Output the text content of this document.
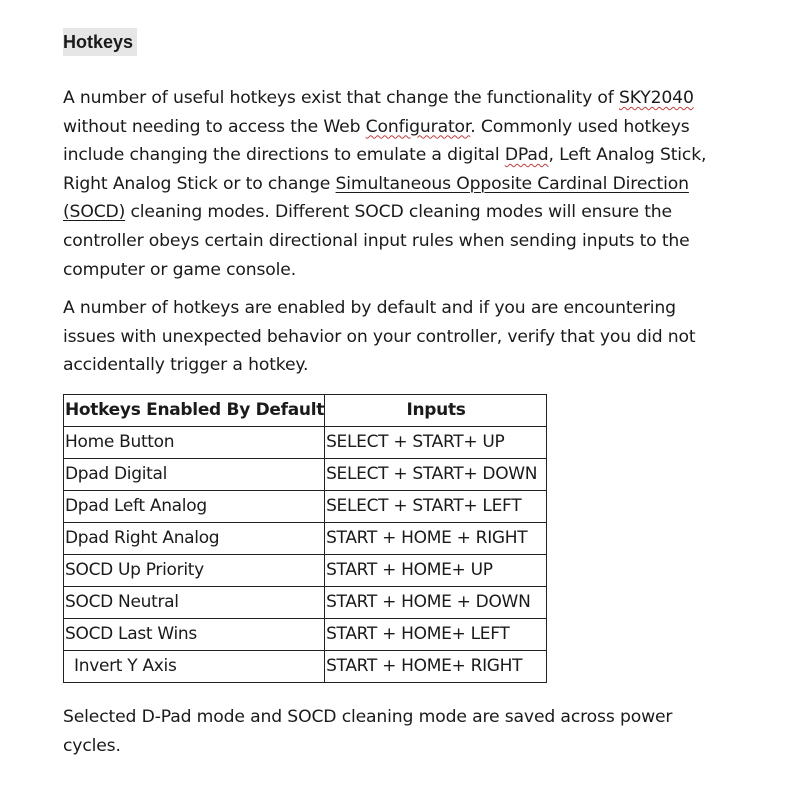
Hotkeys

A number of useful hotkeys exist that change the functionality of SKY2040 without needing to access the Web Configurator. Commonly used hotkeys include changing the directions to emulate a digital DPad, Left Analog Stick, Right Analog Stick or to change Simultaneous Opposite Cardinal Direction (SOCD) cleaning modes. Different SOCD cleaning modes will ensure the controller obeys certain directional input rules when sending inputs to the computer or game console.

A number of hotkeys are enabled by default and if you are encountering issues with unexpected behavior on your controller, verify that you did not accidentally trigger a hotkey.

Hotkeys Enabled By Default	Inputs
Home Button	SELECT + START+ UP
Dpad Digital	SELECT + START+ DOWN
Dpad Left Analog	SELECT + START+ LEFT
Dpad Right Analog	START + HOME + RIGHT
SOCD Up Priority	START + HOME+ UP
SOCD Neutral	START + HOME + DOWN
SOCD Last Wins	START + HOME+ LEFT
Invert Y Axis	START + HOME+ RIGHT

Selected D-Pad mode and SOCD cleaning mode are saved across power cycles.
